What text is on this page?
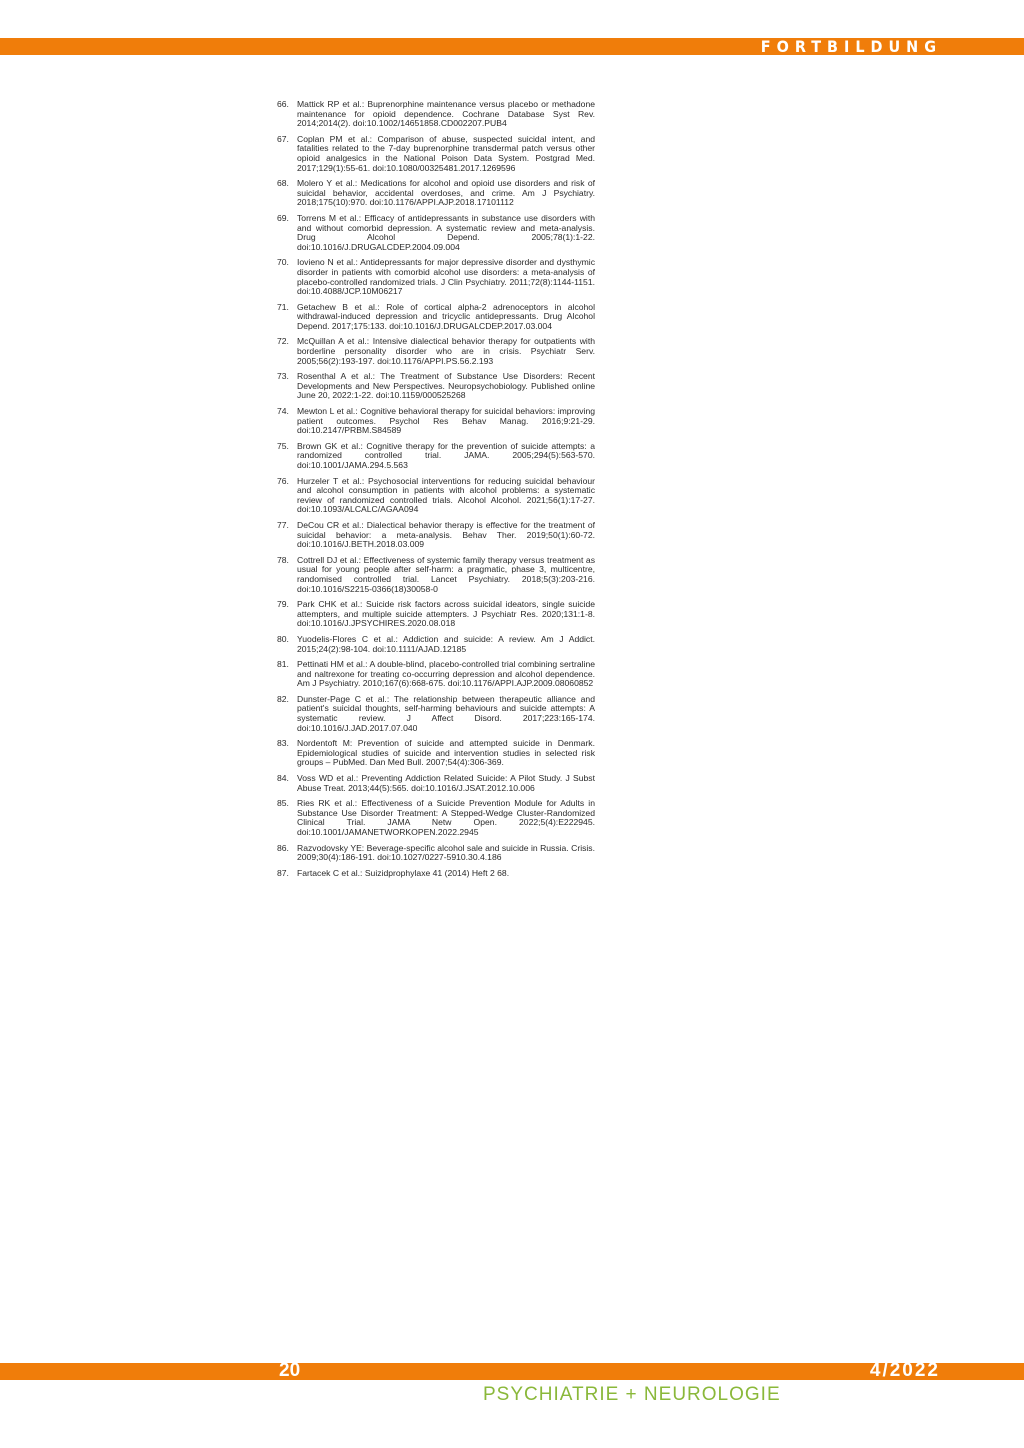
FORTBILDUNG
66. Mattick RP et al.: Buprenorphine maintenance versus placebo or methadone maintenance for opioid dependence. Cochrane Database Syst Rev. 2014;2014(2). doi:10.1002/14651858.CD002207.PUB4
67. Coplan PM et al.: Comparison of abuse, suspected suicidal intent, and fatalities related to the 7-day buprenorphine transdermal patch versus other opioid analgesics in the National Poison Data System. Postgrad Med. 2017;129(1):55-61. doi:10.1080/00325481.2017.1269596
68. Molero Y et al.: Medications for alcohol and opioid use disorders and risk of suicidal behavior, accidental overdoses, and crime. Am J Psychiatry. 2018;175(10):970. doi:10.1176/APPI.AJP.2018.17101112
69. Torrens M et al.: Efficacy of antidepressants in substance use disorders with and without comorbid depression. A systematic review and meta-analysis. Drug Alcohol Depend. 2005;78(1):1-22. doi:10.1016/J.DRUGALCDEP.2004.09.004
70. Iovieno N et al.: Antidepressants for major depressive disorder and dysthymic disorder in patients with comorbid alcohol use disorders: a meta-analysis of placebo-controlled randomized trials. J Clin Psychiatry. 2011;72(8):1144-1151. doi:10.4088/JCP.10M06217
71. Getachew B et al.: Role of cortical alpha-2 adrenoceptors in alcohol withdrawal-induced depression and tricyclic antidepressants. Drug Alcohol Depend. 2017;175:133. doi:10.1016/J.DRUGALCDEP.2017.03.004
72. McQuillan A et al.: Intensive dialectical behavior therapy for outpatients with borderline personality disorder who are in crisis. Psychiatr Serv. 2005;56(2):193-197. doi:10.1176/APPI.PS.56.2.193
73. Rosenthal A et al.: The Treatment of Substance Use Disorders: Recent Developments and New Perspectives. Neuropsychobiology. Published online June 20, 2022:1-22. doi:10.1159/000525268
74. Mewton L et al.: Cognitive behavioral therapy for suicidal behaviors: improving patient outcomes. Psychol Res Behav Manag. 2016;9:21-29. doi:10.2147/PRBM.S84589
75. Brown GK et al.: Cognitive therapy for the prevention of suicide attempts: a randomized controlled trial. JAMA. 2005;294(5):563-570. doi:10.1001/JAMA.294.5.563
76. Hurzeler T et al.: Psychosocial interventions for reducing suicidal behaviour and alcohol consumption in patients with alcohol problems: a systematic review of randomized controlled trials. Alcohol Alcohol. 2021;56(1):17-27. doi:10.1093/ALCALC/AGAA094
77. DeCou CR et al.: Dialectical behavior therapy is effective for the treatment of suicidal behavior: a meta-analysis. Behav Ther. 2019;50(1):60-72. doi:10.1016/J.BETH.2018.03.009
78. Cottrell DJ et al.: Effectiveness of systemic family therapy versus treatment as usual for young people after self-harm: a pragmatic, phase 3, multicentre, randomised controlled trial. Lancet Psychiatry. 2018;5(3):203-216. doi:10.1016/S2215-0366(18)30058-0
79. Park CHK et al.: Suicide risk factors across suicidal ideators, single suicide attempters, and multiple suicide attempters. J Psychiatr Res. 2020;131:1-8. doi:10.1016/J.JPSYCHIRES.2020.08.018
80. Yuodelis-Flores C et al.: Addiction and suicide: A review. Am J Addict. 2015;24(2):98-104. doi:10.1111/AJAD.12185
81. Pettinati HM et al.: A double-blind, placebo-controlled trial combining sertraline and naltrexone for treating co-occurring depression and alcohol dependence. Am J Psychiatry. 2010;167(6):668-675. doi:10.1176/APPI.AJP.2009.08060852
82. Dunster-Page C et al.: The relationship between therapeutic alliance and patient's suicidal thoughts, self-harming behaviours and suicide attempts: A systematic review. J Affect Disord. 2017;223:165-174. doi:10.1016/J.JAD.2017.07.040
83. Nordentoft M: Prevention of suicide and attempted suicide in Denmark. Epidemiological studies of suicide and intervention studies in selected risk groups – PubMed. Dan Med Bull. 2007;54(4):306-369.
84. Voss WD et al.: Preventing Addiction Related Suicide: A Pilot Study. J Subst Abuse Treat. 2013;44(5):565. doi:10.1016/J.JSAT.2012.10.006
85. Ries RK et al.: Effectiveness of a Suicide Prevention Module for Adults in Substance Use Disorder Treatment: A Stepped-Wedge Cluster-Randomized Clinical Trial. JAMA Netw Open. 2022;5(4):E222945. doi:10.1001/JAMANETWORKOPEN.2022.2945
86. Razvodovsky YE: Beverage-specific alcohol sale and suicide in Russia. Crisis. 2009;30(4):186-191. doi:10.1027/0227-5910.30.4.186
87. Fartacek C et al.: Suizidprophylaxe 41 (2014) Heft 2 68.
20	4/2022
PSYCHIATRIE + NEUROLOGIE
